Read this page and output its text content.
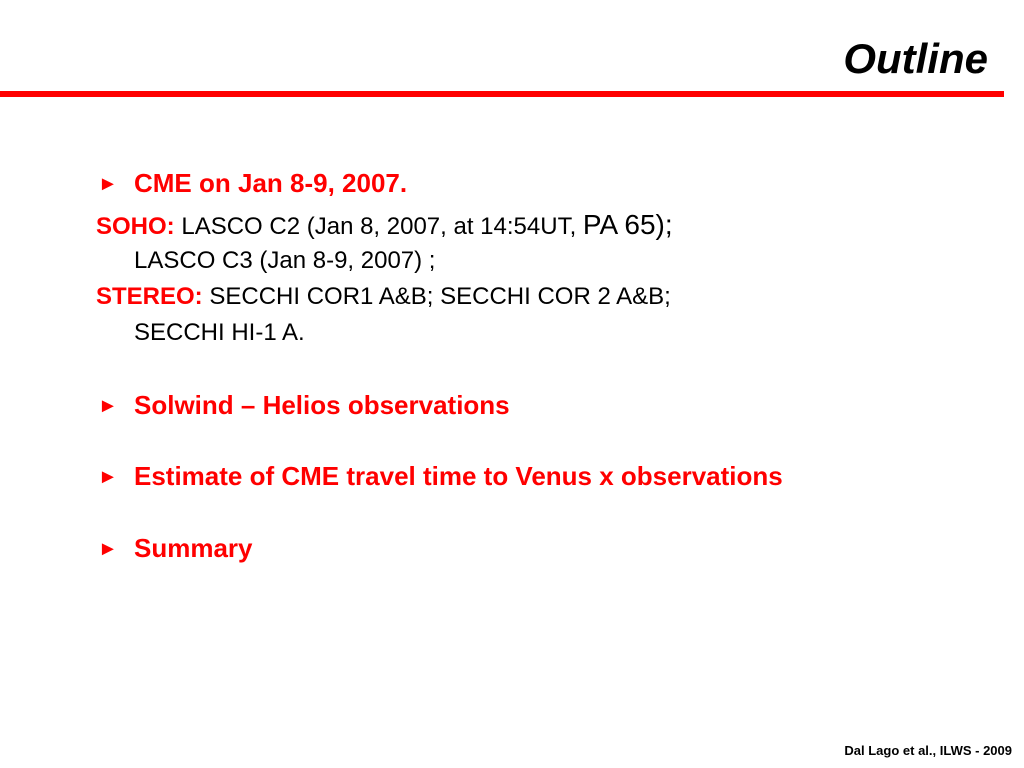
Outline
► CME on Jan 8-9, 2007.
SOHO: LASCO C2 (Jan 8, 2007, at 14:54UT, PA 65);
LASCO C3 (Jan 8-9, 2007) ;
STEREO: SECCHI COR1 A&B; SECCHI COR 2 A&B;
SECCHI HI-1 A.
► Solwind – Helios observations
► Estimate of CME travel time to Venus x observations
► Summary
Dal Lago et al., ILWS - 2009
